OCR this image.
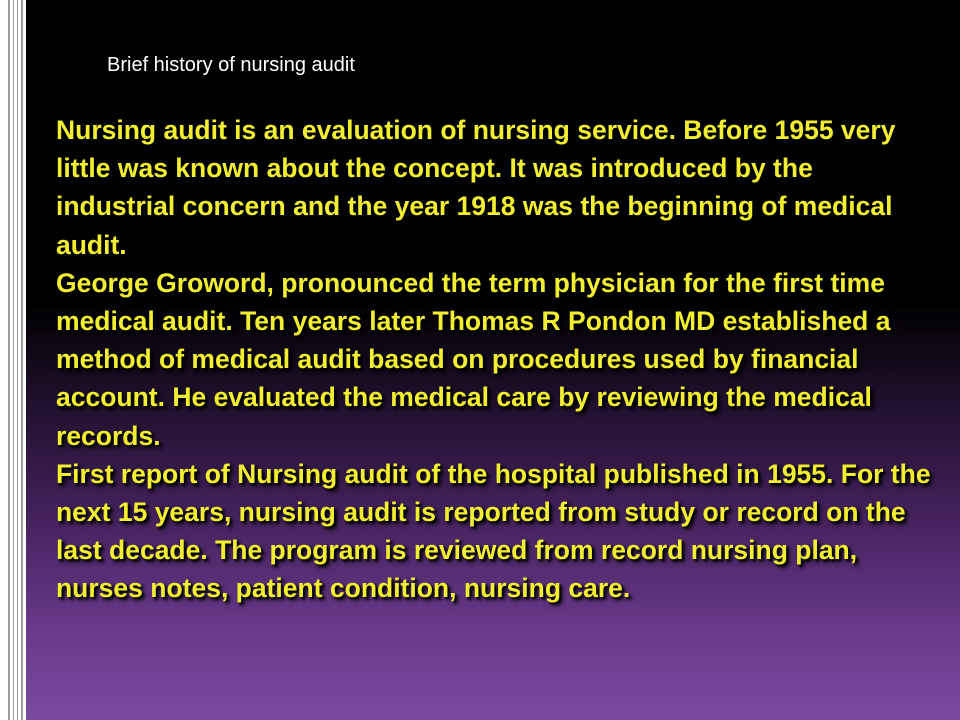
Brief history of nursing audit

Nursing audit is an evaluation of nursing service. Before 1955 very little was known about the concept. It was introduced by the industrial concern and the year 1918 was the beginning of medical audit.

George Groword, pronounced the term physician for the first time medical audit. Ten years later Thomas R Pondon MD established a method of medical audit based on procedures used by financial account. He evaluated the medical care by reviewing the medical records.

First report of Nursing audit of the hospital published in 1955. For the next 15 years, nursing audit is reported from study or record on the last decade. The program is reviewed from record nursing plan, nurses notes, patient condition, nursing care.
